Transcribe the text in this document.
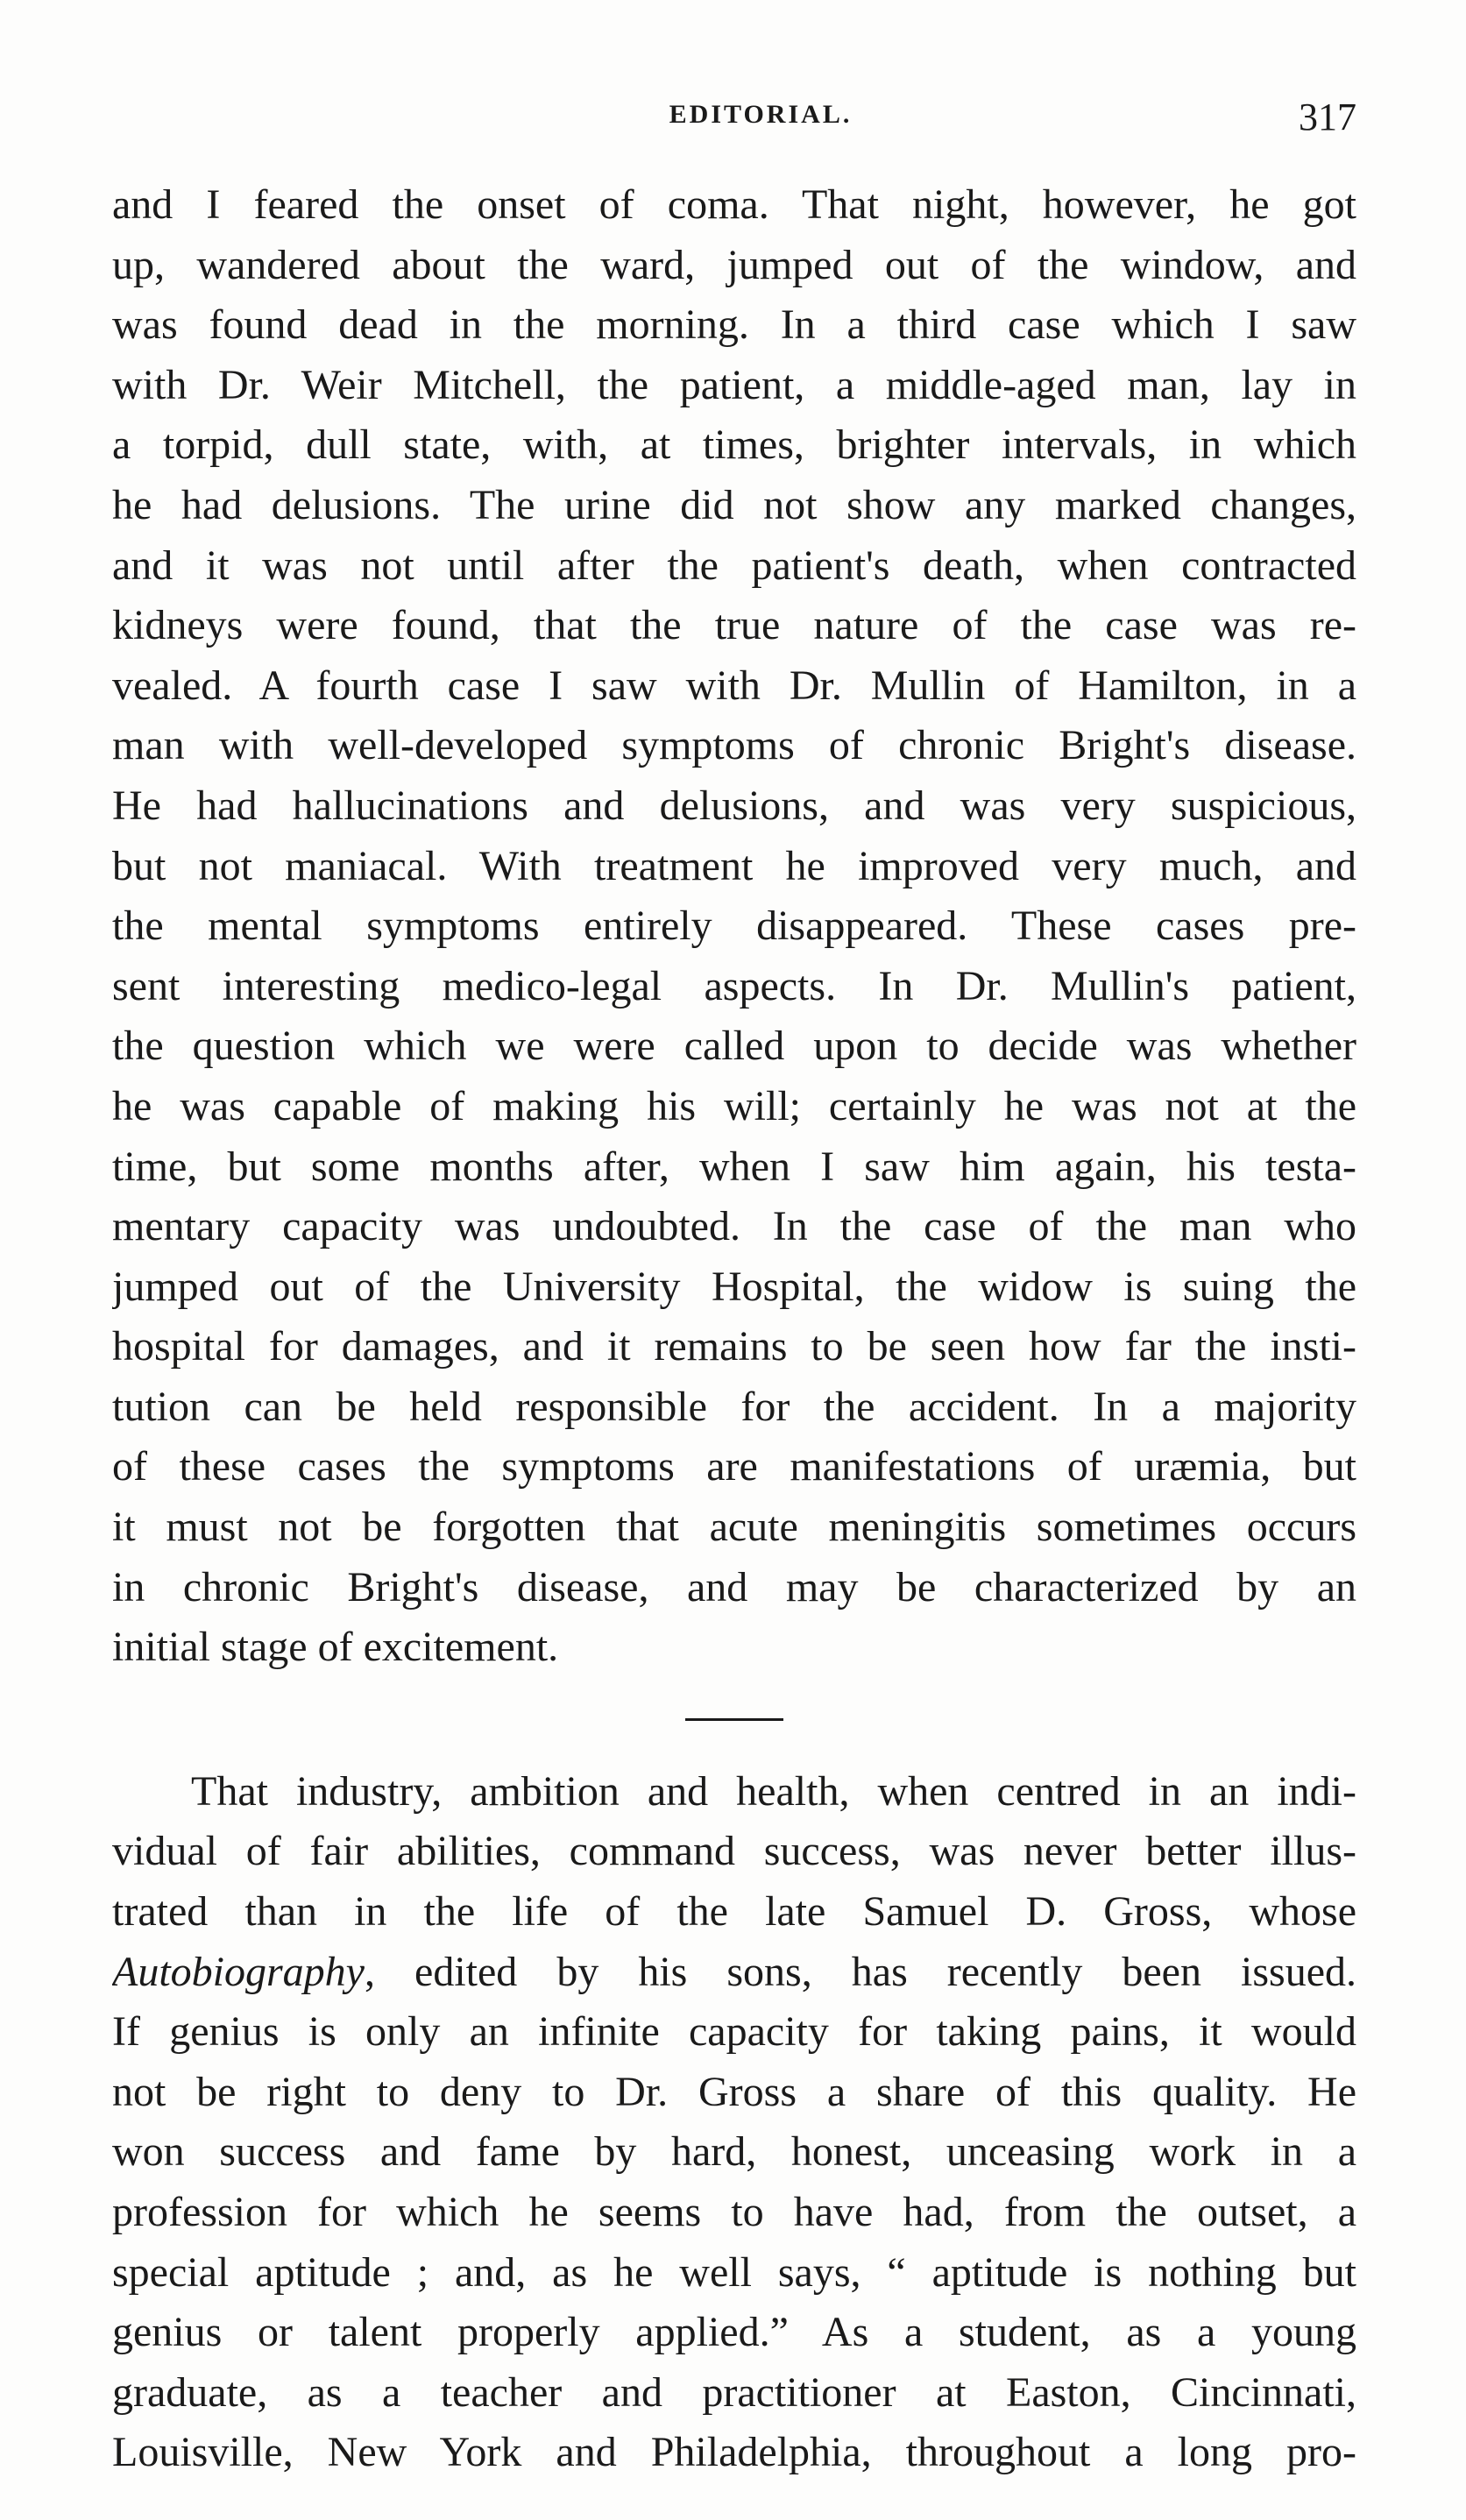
EDITORIAL.	317
and I feared the onset of coma. That night, however, he got
up, wandered about the ward, jumped out of the window, and
was found dead in the morning. In a third case which I saw
with Dr. Weir Mitchell, the patient, a middle-aged man, lay in
a torpid, dull state, with, at times, brighter intervals, in which
he had delusions. The urine did not show any marked changes,
and it was not until after the patient's death, when contracted
kidneys were found, that the true nature of the case was re-
vealed. A fourth case I saw with Dr. Mullin of Hamilton, in a
man with well-developed symptoms of chronic Bright's disease.
He had hallucinations and delusions, and was very suspicious,
but not maniacal. With treatment he improved very much, and
the mental symptoms entirely disappeared. These cases pre-
sent interesting medico-legal aspects. In Dr. Mullin's patient,
the question which we were called upon to decide was whether
he was capable of making his will; certainly he was not at the
time, but some months after, when I saw him again, his testa-
mentary capacity was undoubted. In the case of the man who
jumped out of the University Hospital, the widow is suing the
hospital for damages, and it remains to be seen how far the insti-
tution can be held responsible for the accident. In a majority
of these cases the symptoms are manifestations of uræmia, but
it must not be forgotten that acute meningitis sometimes occurs
in chronic Bright's disease, and may be characterized by an
initial stage of excitement.
That industry, ambition and health, when centred in an indi-
vidual of fair abilities, command success, was never better illus-
trated than in the life of the late Samuel D. Gross, whose
Autobiography, edited by his sons, has recently been issued.
If genius is only an infinite capacity for taking pains, it would
not be right to deny to Dr. Gross a share of this quality. He
won success and fame by hard, honest, unceasing work in a
profession for which he seems to have had, from the outset, a
special aptitude ; and, as he well says, “ aptitude is nothing but
genius or talent properly applied.” As a student, as a young
graduate, as a teacher and practitioner at Easton, Cincinnati,
Louisville, New York and Philadelphia, throughout a long pro-
